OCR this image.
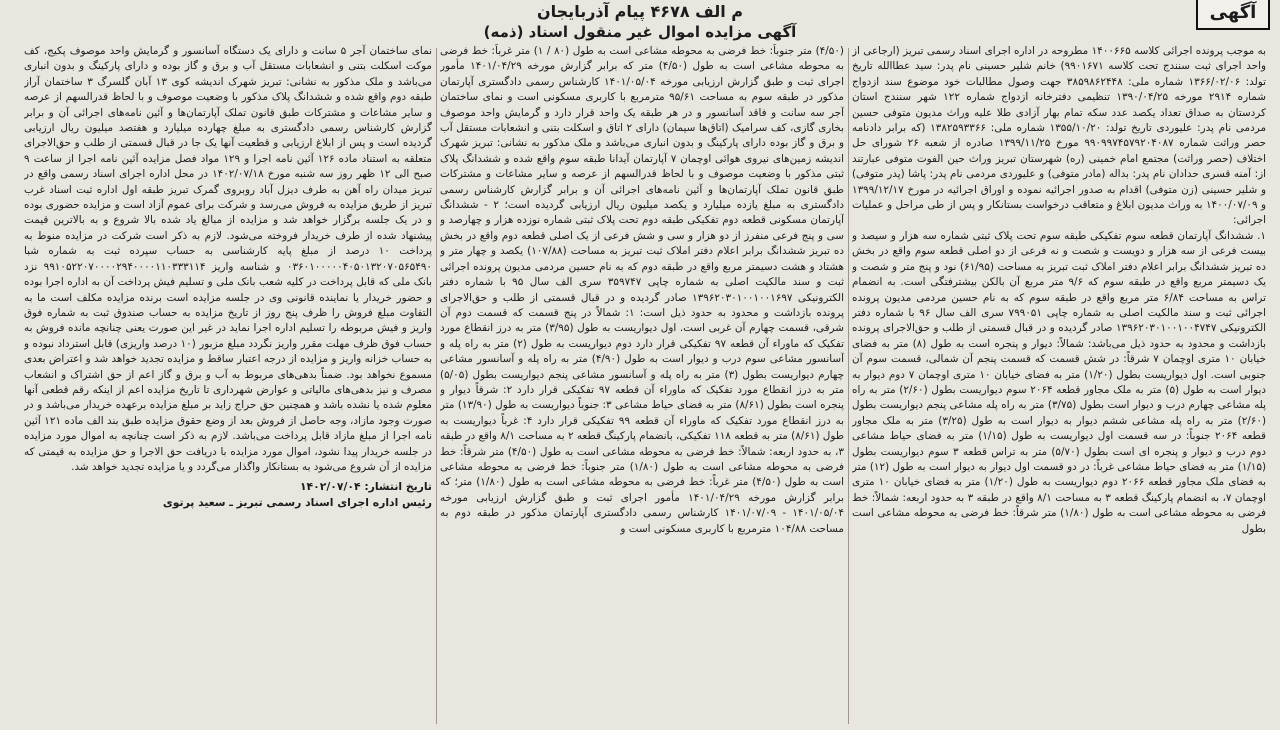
آگهی
م الف ۴۶۷۸ پیام آذربایجان
آگهی مزایده اموال غیر منقول اسناد (ذمه)

به موجب پرونده اجرائی کلاسه ۱۴۰۰۶۶۵ مطروحه در اداره اجرای اسناد رسمی تبریز (ارجاعی از واحد اجرای ثبت سنندج تحت کلاسه ۹۹۰۱۶۷۱) خانم شلیر حسینی نام پدر: سید عطاالله تاریخ تولد: ۱۳۶۶/۰۲/۰۶ شماره ملی: ۳۸۵۹۸۶۲۴۴۸ جهت وصول مطالبات خود موضوع سند ازدواج شماره ۲۹۱۴ مورخه ۱۳۹۰/۰۴/۲۵ تنظیمی دفترخانه ازدواج شماره ۱۲۲ شهر سنندج استان کردستان به صداق تعداد یکصد عدد سکه تمام بهار آزادی طلا علیه وراث مدیون متوفی حسین مردمی نام پدر: علیوردی تاریخ تولد: ۱۳۵۵/۱۰/۲۰ شماره ملی: ۱۳۸۲۵۹۳۳۶۶ (که برابر دادنامه حصر وراثت شماره ۹۹۰۹۹۷۴۵۷۹۲۰۴۰۸۷ مورخ ۱۳۹۹/۱۱/۲۵ صادره از شعبه ۲۶ شورای حل اختلاف (حصر وراثت) مجتمع امام خمینی (ره) شهرستان تبریز وراث حین الفوت متوفی عبارتند از: آمنه قسری حدادان نام پدر: بداله (مادر متوفی) و علیوردی مردمی نام پدر: پاشا (پدر متوفی) و شلیر حسینی (زن متوفی) اقدام به صدور اجرائیه نموده و اوراق اجرائیه در مورخ ۱۳۹۹/۱۲/۱۷ و ۱۴۰۰/۰۷/۰۹ به وراث مدیون ابلاغ و متعاقب درخواست بستانکار و پس از طی مراحل و عملیات اجرائی:

۱. ششدانگ آپارتمان قطعه سوم تفکیکی طبقه سوم تحت پلاک ثبتی شماره سه هزار و سیصد و بیست فرعی از سه هزار و دویست و شصت و نه فرعی از دو اصلی قطعه سوم واقع در بخش ده تبریز ششدانگ برابر اعلام دفتر املاک ثبت تبریز به مساحت (۶۱/۹۵) نود و پنج متر و شصت و یک دسیمتر مربع واقع در طبقه سوم که ۹/۶ متر مربع آن بالکن بیشترفتگی است. به انضمام تراس به مساحت ۶/۸۴ متر مربع واقع در طبقه سوم که به نام حسین مردمی مدیون پرونده اجرائی ثبت و سند مالکیت اصلی به شماره چاپی ۷۹۹۰۵۱ سری الف سال ۹۶ با شماره دفتر الکترونیکی ۱۳۹۶۲۰۳۰۱۰۰۱۰۰۴۷۴۷ صادر گردیده و در قبال قسمتی از طلب و حق‌الاجرای پرونده بازداشت و محدود به حدود ذیل می‌باشد: شمالاً: دیوار و پنجره است به طول (۸) متر به فضای خیابان ۱۰ متری اوچمان ۷ شرقاً: در شش قسمت که قسمت پنجم آن شمالی، قسمت سوم آن جنوبی است. اول دیواریست بطول (۱/۲۰) متر به فضای خیابان ۱۰ متری اوچمان ۷ دوم دیوار به دیوار است به طول (۵) متر به ملک مجاور قطعه ۲۰۶۴ سوم دیواریست بطول (۲/۶۰) متر به راه پله مشاعی چهارم درب و دیوار است بطول (۳/۷۵) متر به راه پله مشاعی پنجم دیواریست بطول (۲/۶۰) متر به راه پله مشاعی ششم دیوار به دیوار است به طول (۳/۲۵) متر به ملک مجاور قطعه ۲۰۶۴ جنوباً: در سه قسمت اول دیواریست به طول (۱/۱۵) متر به فضای حیاط مشاعی دوم درب و دیوار و پنجره ای است بطول (۵/۷۰) متر به تراس قطعه ۳ سوم دیواریست بطول (۱/۱۵) متر به فضای حیاط مشاعی غرباً: در دو قسمت اول دیوار به دیوار است به طول (۱۲) متر به فضای ملک مجاور قطعه ۲۰۶۶ دوم دیواریست به طول (۱/۲۰) متر به فضای خیابان ۱۰ متری اوچمان ۷، به انضمام پارکینگ قطعه ۳ به مساحت ۸/۱ واقع در طبقه ۳ به حدود اربعه: شمالاً: خط فرضی به محوطه مشاعی است به طول (۱/۸۰) متر شرقاً: خط فرضی به محوطه مشاعی است بطول

(۴/۵۰) متر جنوباً: خط فرضی به محوطه مشاعی است به طول (۸۰ / ۱) متر غرباً: خط فرضی به محوطه مشاعی است به طول (۴/۵۰) متر که برابر گزارش مورخه ۱۴۰۱/۰۴/۲۹ مأمور اجرای ثبت و طبق گزارش ارزیابی مورخه ۱۴۰۱/۰۵/۰۴ کارشناس رسمی دادگستری آپارتمان مذکور در طبقه سوم به مساحت ۹۵/۶۱ مترمربع با کاربری مسکونی است و نمای ساختمان آجر سه سانت و فاقد آسانسور و در هر طبقه یک واحد قرار دارد و گرمایش واحد موصوف بخاری گازی، کف سرامیک (اتاق‌ها سیمان) دارای ۲ اتاق و اسکلت بتنی و انشعابات مستقل آب و برق و گاز بوده دارای پارکینگ و بدون انباری می‌باشد و ملک مذکور به نشانی: تبریز شهرک اندیشه زمین‌های نیروی هوائی اوچمان ۷ آپارتمان آیدانا طبقه سوم واقع شده و ششدانگ پلاک ثبتی مذکور با وضعیت موصوف و با لحاظ قدرالسهم از عرصه و سایر مشاعات و مشترکات طبق قانون تملک آپارتمان‌ها و آئین نامه‌های اجرائی آن و برابر گزارش کارشناس رسمی دادگستری به مبلغ یازده میلیارد و یکصد میلیون ریال ارزیابی گردیده است؛ ۲ - ششدانگ آپارتمان مسکونی قطعه دوم تفکیکی طبقه دوم تحت پلاک ثبتی شماره نوزده هزار و چهارصد و سی و پنج فرعی منفرز از دو هزار و سی و شش فرعی از یک اصلی قطعه دوم واقع در بخش ده تبریز ششدانگ برابر اعلام دفتر املاک ثبت تبریز به مساحت (۱۰۷/۸۸) یکصد و چهار متر و هشتاد و هشت دسیمتر مربع واقع در طبقه دوم که به نام حسین مردمی مدیون پرونده اجرائی ثبت و سند مالکیت اصلی به شماره چاپی ۳۵۹۷۴۷ سری الف سال ۹۵ با شماره دفتر الکترونیکی ۱۳۹۶۲۰۳۰۱۰۰۱۰۰۱۶۹۷ صادر گردیده و در قبال قسمتی از طلب و حق‌الاجرای پرونده بازداشت و محدود به حدود ذیل است: ۱: شمالاً در پنج قسمت که قسمت دوم آن شرقی، قسمت چهارم آن غربی است. اول دیواریست به طول (۳/۹۵) متر به درز انقطاع مورد تفکیک که ماوراء آن قطعه ۹۷ تفکیکی قرار دارد دوم دیواریست به طول (۲) متر به راه پله و آسانسور مشاعی سوم درب و دیوار است به طول (۴/۹۰) متر به راه پله و آسانسور مشاعی چهارم دیواریست بطول (۳) متر به راه پله و آسانسور مشاعی پنجم دیواریست بطول (۵/۰۵) متر به درز انقطاع مورد تفکیک که ماوراء آن قطعه ۹۷ تفکیکی قرار دارد ۲: شرقاً دیوار و پنجره است بطول (۸/۶۱) متر به فضای حیاط مشاعی ۳: جنوباً دیواریست به طول (۱۳/۹۰) متر به درز انقطاع مورد تفکیک که ماوراء آن قطعه ۹۹ تفکیکی قرار دارد ۴: غرباً دیواریست به طول (۸/۶۱) متر به قطعه ۱۱۸ تفکیکی، بانضمام پارکینگ قطعه ۲ به مساحت ۸/۱ واقع در طبقه ۳، به حدود اربعه: شمالاً: خط فرضی به محوطه مشاعی است به طول (۴/۵۰) متر شرقاً: خط فرضی به محوطه مشاعی است به طول (۱/۸۰) متر جنوباً: خط فرضی به محوطه مشاعی است به طول (۴/۵۰) متر غرباً: خط فرضی به محوطه مشاعی است به طول (۱/۸۰) متر؛ که برابر گزارش مورخه ۱۴۰۱/۰۴/۲۹ مأمور اجرای ثبت و طبق گزارش ارزیابی مورخه ۱۴۰۱/۰۵/۰۴ - ۱۴۰۱/۰۷/۰۹ کارشناس رسمی دادگستری آپارتمان مذکور در طبقه دوم به مساحت ۱۰۴/۸۸ مترمربع با کاربری مسکونی است و

نمای ساختمان آجر ۵ سانت و دارای یک دستگاه آسانسور و گرمایش واحد موصوف پکیج، کف موکت اسکلت بتنی و انشعابات مستقل آب و برق و گاز بوده و دارای پارکینگ و بدون انباری می‌باشد و ملک مذکور به نشانی: تبریز شهرک اندیشه کوی ۱۳ آبان گلسرگ ۳ ساختمان آراز طبقه دوم واقع شده و ششدانگ پلاک مذکور با وضعیت موصوف و با لحاظ قدرالسهم از عرصه و سایر مشاعات و مشترکات طبق قانون تملک آپارتمان‌ها و آئین نامه‌های اجرائی آن و برابر گزارش کارشناس رسمی دادگستری به مبلغ چهارده میلیارد و هفتصد میلیون ریال ارزیابی گردیده است و پس از ابلاغ ارزیابی و قطعیت آنها یک جا در قبال قسمتی از طلب و حق‌الاجرای متعلقه به استناد ماده ۱۲۶ آئین نامه اجرا و ۱۲۹ مواد فصل مزایده آئین نامه اجرا از ساعت ۹ صبح الی ۱۲ ظهر روز سه شنبه مورخ ۱۴۰۲/۰۷/۱۸ در محل اداره اجرای اسناد رسمی واقع در تبریز میدان راه آهن به طرف دیزل آباد روبروی گمرک تبریز طبقه اول اداره ثبت اسناد غرب تبریز از طریق مزایده به فروش می‌رسد و شرکت برای عموم آزاد است و مزایده حضوری بوده و در یک جلسه برگزار خواهد شد و مزایده از مبالغ یاد شده بالا شروع و به بالاترین قیمت پیشنهاد شده از طرف خریدار فروخته می‌شود. لازم به ذکر است شرکت در مزایده منوط به پرداخت ۱۰ درصد از مبلغ پایه کارشناسی به حساب سپرده ثبت به شماره شبا ۰۳۶۰۱۰۰۰۰۰۴۰۵۰۱۳۲۰۷۰۵۶۵۴۹۰ و شناسه واریز ۹۹۱۰۵۲۲۰۷۰۰۰۰۲۹۴۰۰۰۰۱۱۰۳۳۳۱۱۴ نزد بانک ملی که قابل پرداخت در کلیه شعب بانک ملی و تسلیم فیش پرداخت آن به اداره اجرا بوده و حضور خریدار یا نماینده قانونی وی در جلسه مزایده است برنده مزایده مکلف است ما به التفاوت مبلغ فروش را ظرف پنج روز از تاریخ مزایده به حساب صندوق ثبت به شماره فوق واریز و فیش مربوطه را تسلیم اداره اجرا نماید در غیر این صورت یعنی چنانچه مانده فروش به حساب فوق ظرف مهلت مقرر واریز نگردد مبلغ مزبور (۱۰ درصد واریزی) قابل استرداد نبوده و به حساب خزانه واریز و مزایده از درجه اعتبار ساقط و مزایده تجدید خواهد شد و اعتراض بعدی مسموع نخواهد بود. ضمناً بدهی‌های مربوط به آب و برق و گاز اعم از حق اشتراک و انشعاب مصرف و نیز بدهی‌های مالیاتی و عوارض شهرداری تا تاریخ مزایده اعم از اینکه رقم قطعی آنها معلوم شده یا نشده باشد و همچنین حق حراج زاید بر مبلغ مزایده برعهده خریدار می‌باشد و در صورت وجود مازاد، وجه حاصل از فروش بعد از وضع حقوق مزایده طبق بند الف ماده ۱۲۱ آئین نامه اجرا از مبلغ مازاد قابل پرداخت می‌باشد. لازم به ذکر است چنانچه به اموال مورد مزایده در جلسه خریدار پیدا نشود، اموال مورد مزایده با دریافت حق الاجرا و حق مزایده به قیمتی که مزایده از آن شروع می‌شود به بستانکار واگذار می‌گردد و یا مزایده تجدید خواهد شد.

تاریخ انتشار: ۱۴۰۲/۰۷/۰۴
رئیس اداره اجرای اسناد رسمی تبریز ـ سعید پرتوی
